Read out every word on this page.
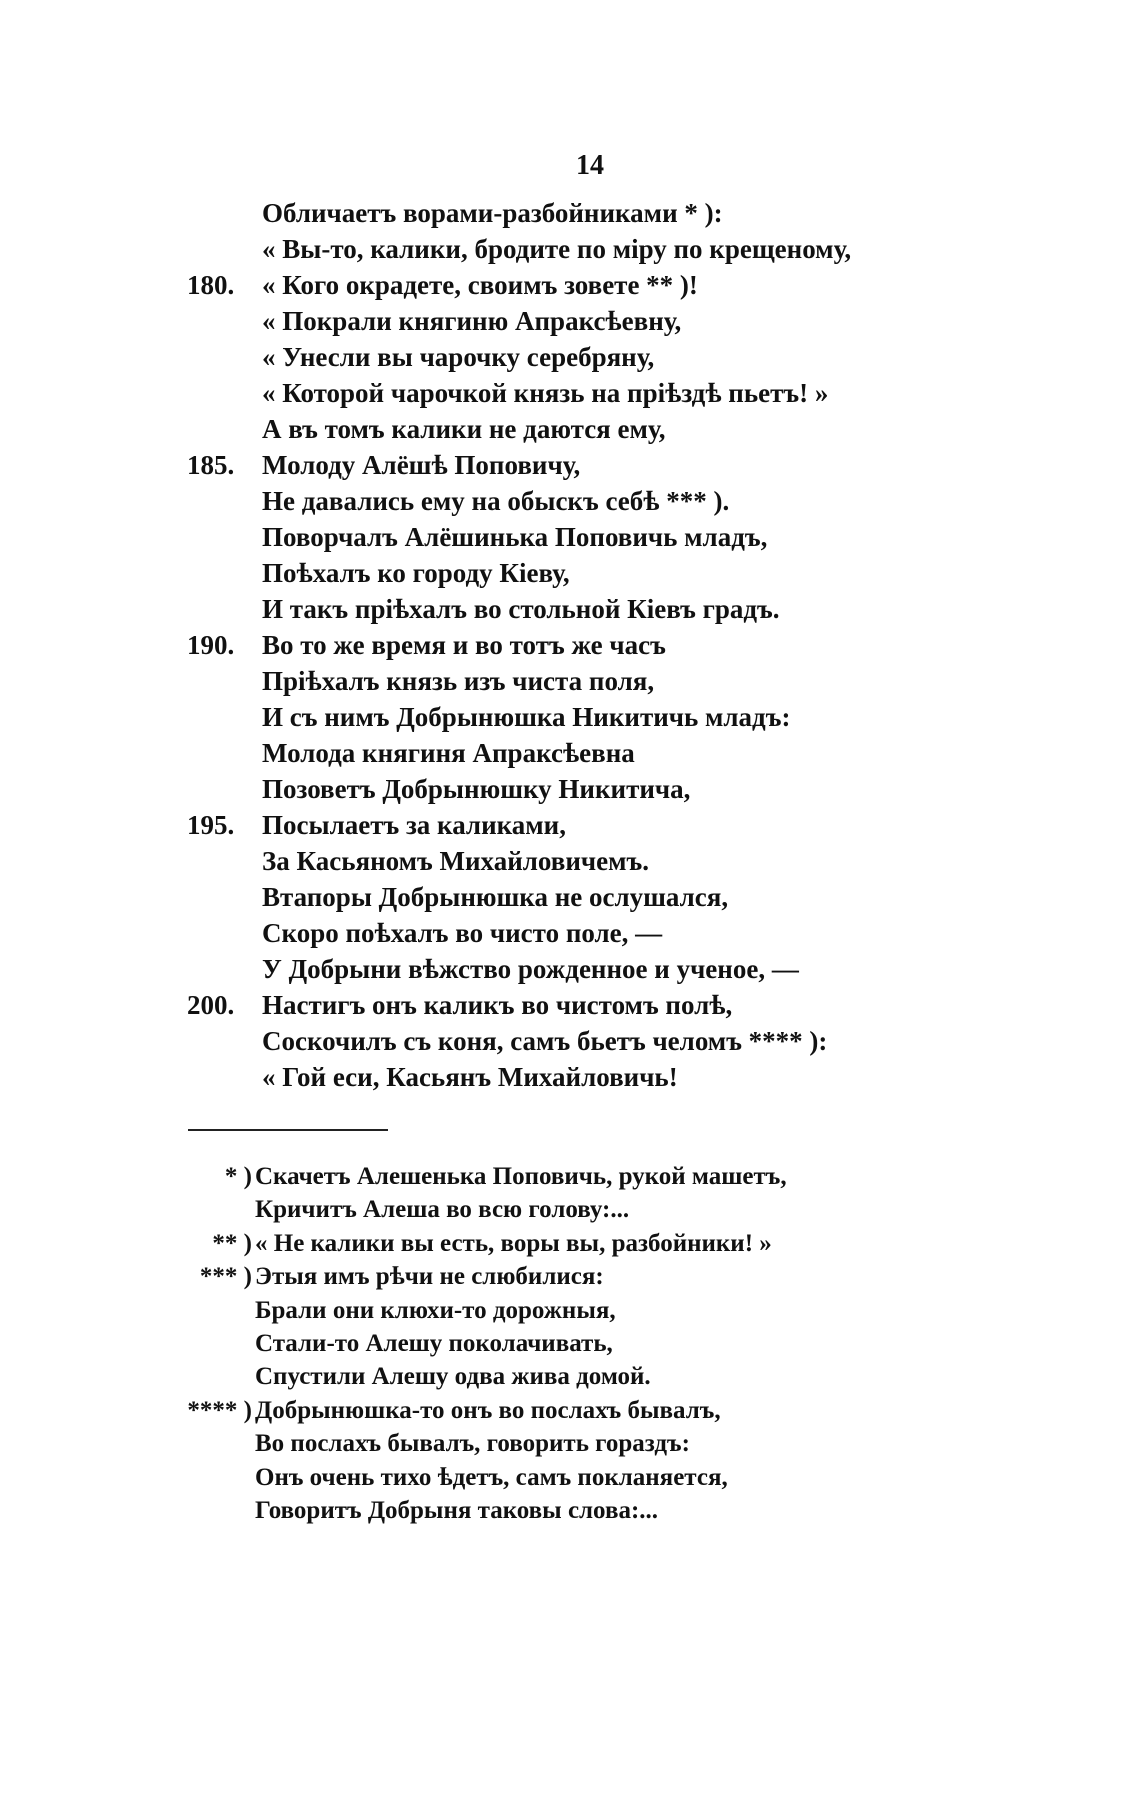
14
Обличаетъ ворами-разбойниками * ):
« Вы-то, калики, бродите по міру по крещеному,
180.	« Кого окрадете, своимъ зовете ** )!
« Покрали княгиню Апраксѣевну,
« Унесли вы чарочку серебряну,
« Которой чарочкой князь на пріѣздѣ пьетъ! »
А въ томъ калики не даются ему,
185.	Молоду Алёшѣ Поповичу,
Не давались ему на обыскъ себѣ *** ).
Поворчалъ Алёшинька Поповичь младъ,
Поѣхалъ ко городу Кіеву,
И такъ пріѣхалъ во стольной Кіевъ градъ.
190.	Во то же время и во тотъ же часъ
Пріѣхалъ князь изъ чиста поля,
И съ нимъ Добрынюшка Никитичь младъ:
Молода княгиня Апраксѣевна
Позоветъ Добрынюшку Никитича,
195.	Посылаетъ за каликами,
За Касьяномъ Михайловичемъ.
Втапоры Добрынюшка не ослушался,
Скоро поѣхалъ во чисто поле, —
У Добрыни вѣжство рожденное и ученое, —
200.	Настигъ онъ каликъ во чистомъ полѣ,
Соскочилъ съ коня, самъ бьетъ челомъ **** ):
« Гой еси, Касьянъ Михайловичь!
* ) Скачетъ Алешенька Поповичь, рукой машетъ,
Кричитъ Алеша во всю голову:...
** ) « Не калики вы есть, воры вы, разбойники! »
*** ) Этыя имъ рѣчи не слюбилися:
Брали они клюхи-то дорожныя,
Стали-то Алешу поколачивать,
Спустили Алешу одва жива домой.
**** ) Добрынюшка-то онъ во послахъ бывалъ,
Во послахъ бывалъ, говорить гораздъ:
Онъ очень тихо ѣдетъ, самъ покланяется,
Говоритъ Добрыня таковы слова:...
